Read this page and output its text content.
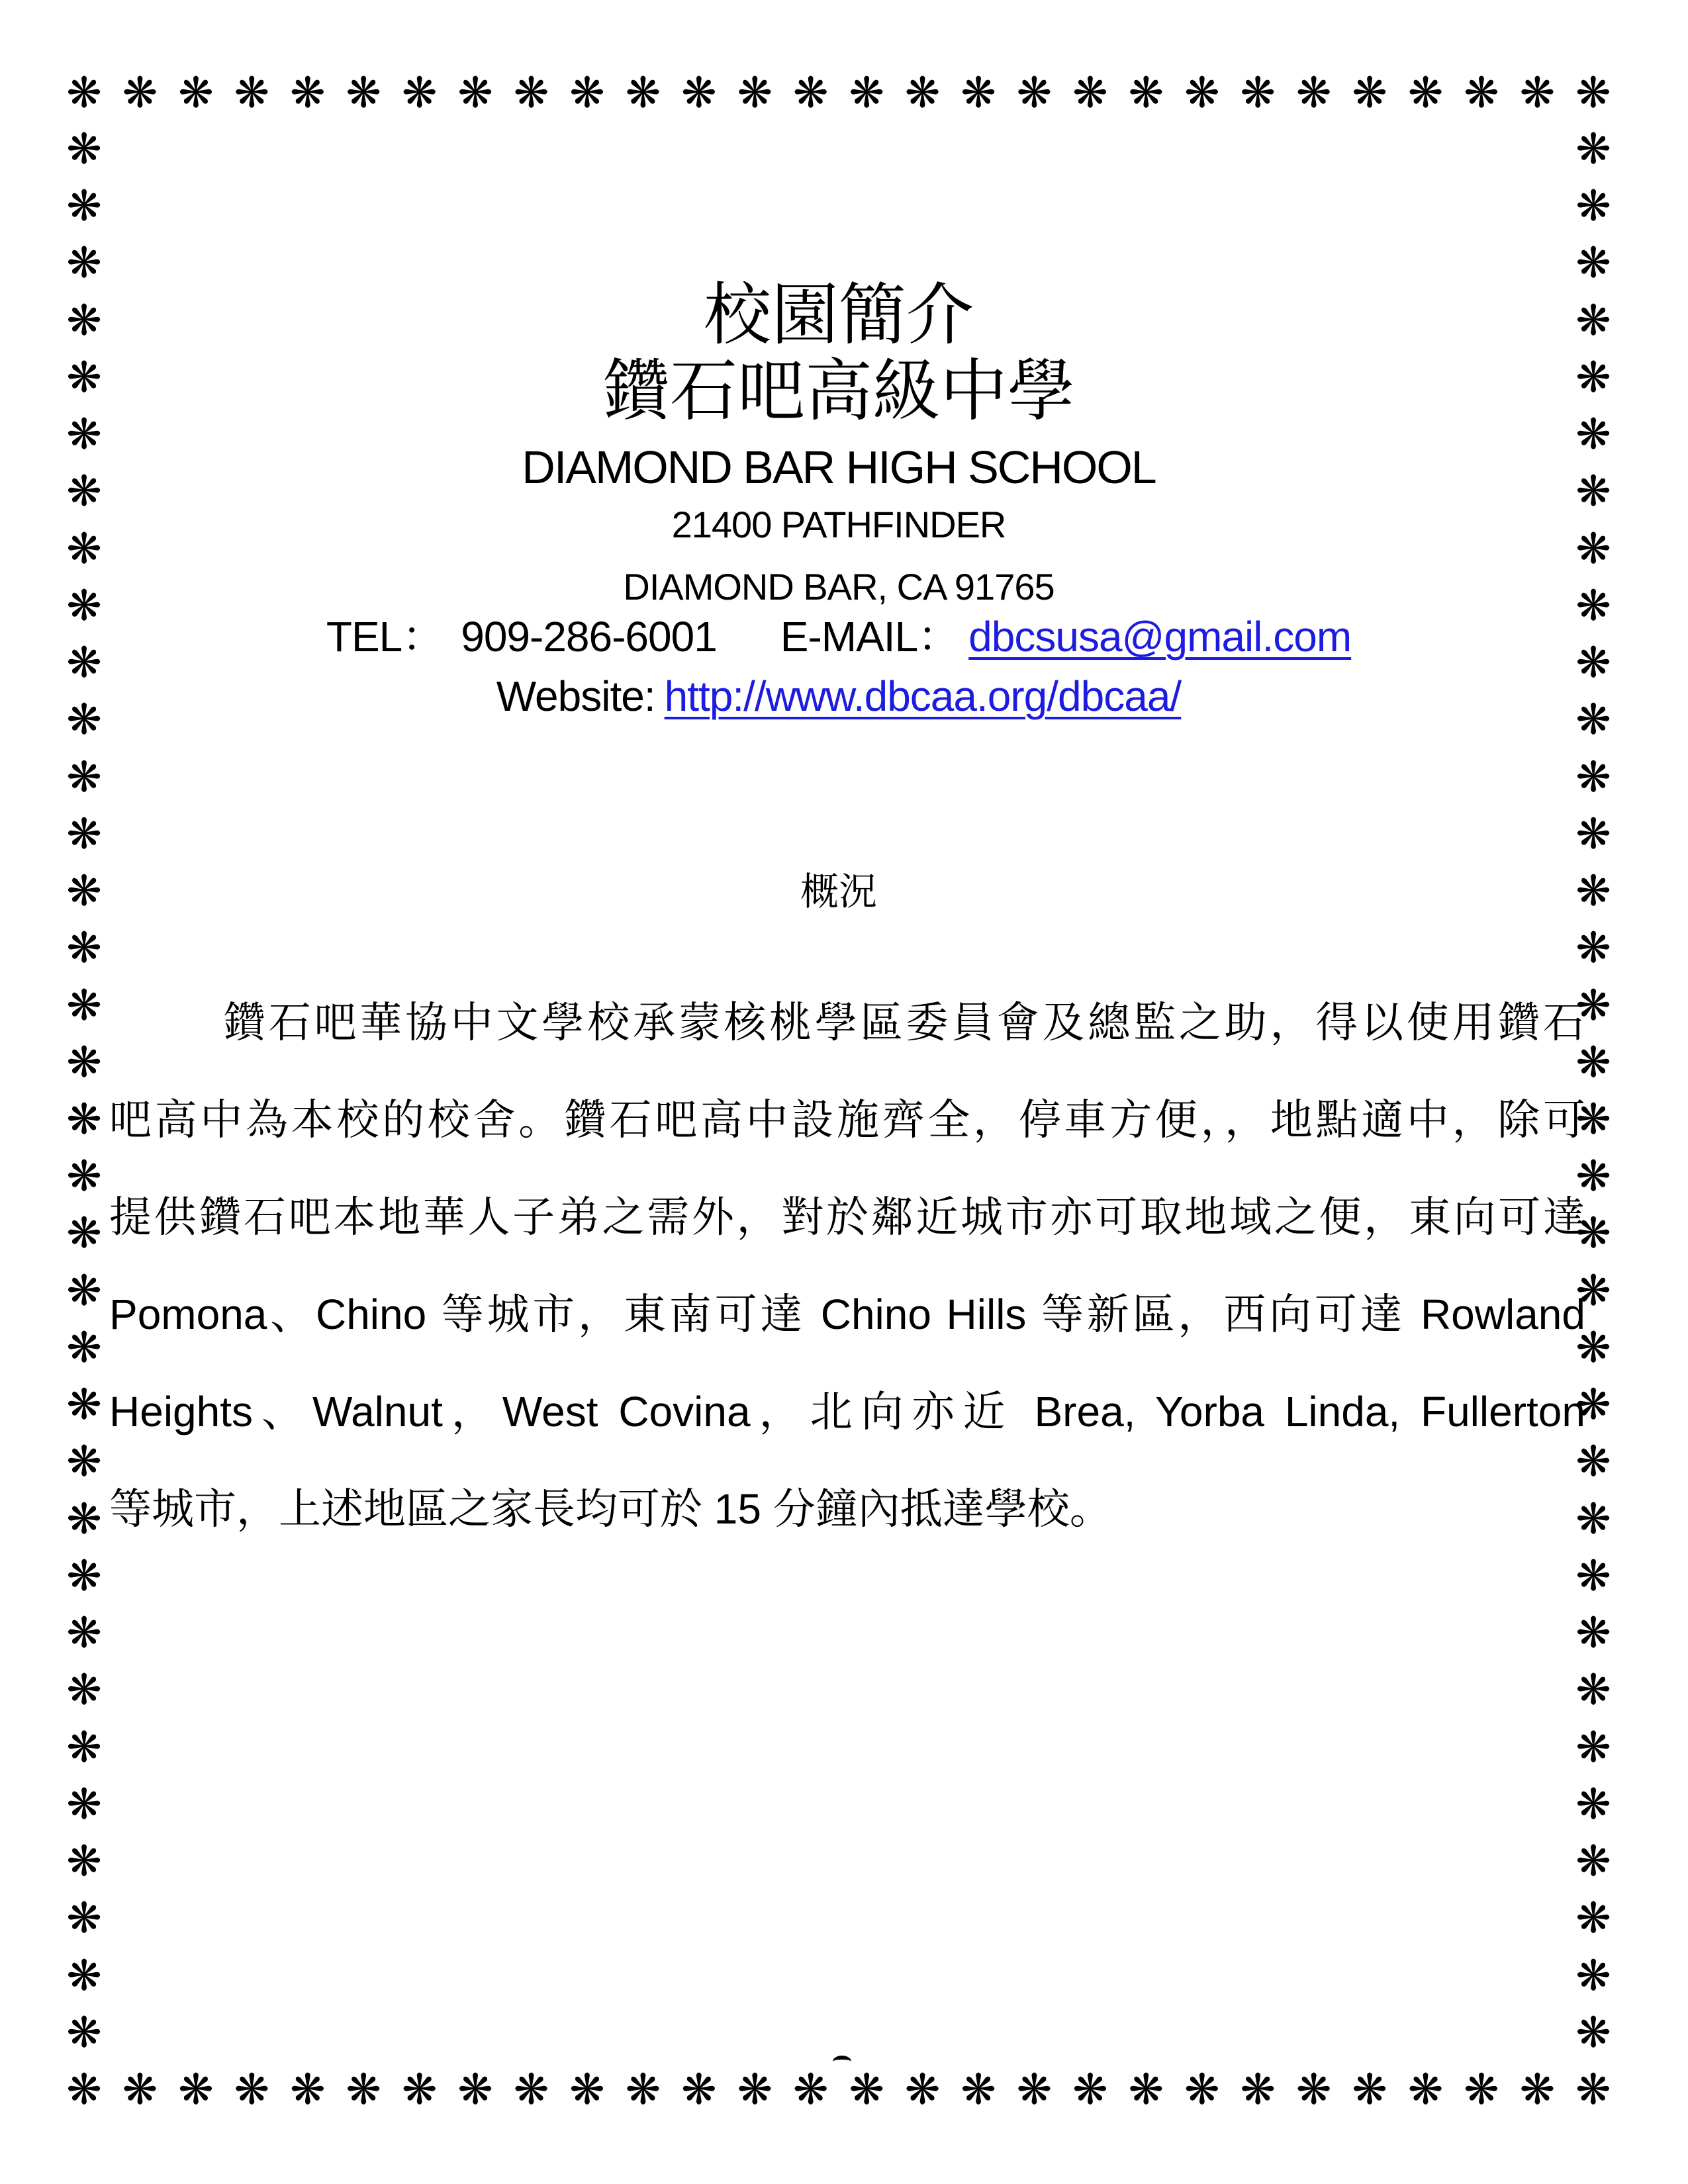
❋ ❋ ❋ ❋ ❋ ❋ ❋ ❋ ❋ ❋ ❋ ❋ ❋ ❋ ❋ ❋ ❋ ❋ ❋ ❋ ❋ ❋ ❋ ❋ ❋ ❋ ❋ ❋
❋ ❋ ❋ ❋ ❋ ❋ ❋ ❋ ❋ ❋ ❋ ❋ ❋ ❋ ❋ ❋ ❋ ❋ ❋ ❋ ❋ ❋ ❋ ❋ ❋ ❋ ❋ ❋
❋
❋
❋
❋
❋
❋
❋
❋
❋
❋
❋
❋
❋
❋
❋
❋
❋
❋
❋
❋
❋
❋
❋
❋
❋
❋
❋
❋
❋
❋
❋
❋
❋
❋
❋
❋
❋
❋
❋
❋
❋
❋
❋
❋
❋
❋
❋
❋
❋
❋
❋
❋
❋
❋
❋
❋
❋
❋
❋
❋
❋
❋
❋
❋
❋
❋
❋
❋
校園簡介
鑽石吧高級中學
DIAMOND BAR HIGH SCHOOL
21400 PATHFINDER
DIAMOND BAR, CA 91765
TEL： 909-286-6001 E-MAIL： dbcsusa@gmail.com
Website: http://www.dbcaa.org/dbcaa/
概況
鑽石吧華協中文學校承蒙核桃學區委員會及總監之助，得以使用鑽石
吧高中為本校的校舍。鑽石吧高中設施齊全，停車方便，，地點適中，除可
提供鑽石吧本地華人子弟之需外，對於鄰近城市亦可取地域之便，東向可達
Pomona、Chino 等城市，東南可達 Chino Hills 等新區，西向可達 Rowland
Heights、Walnut，West Covina，北向亦近 Brea, Yorba Linda, Fullerton
等城市，上述地區之家長均可於 15 分鐘內抵達學校。
